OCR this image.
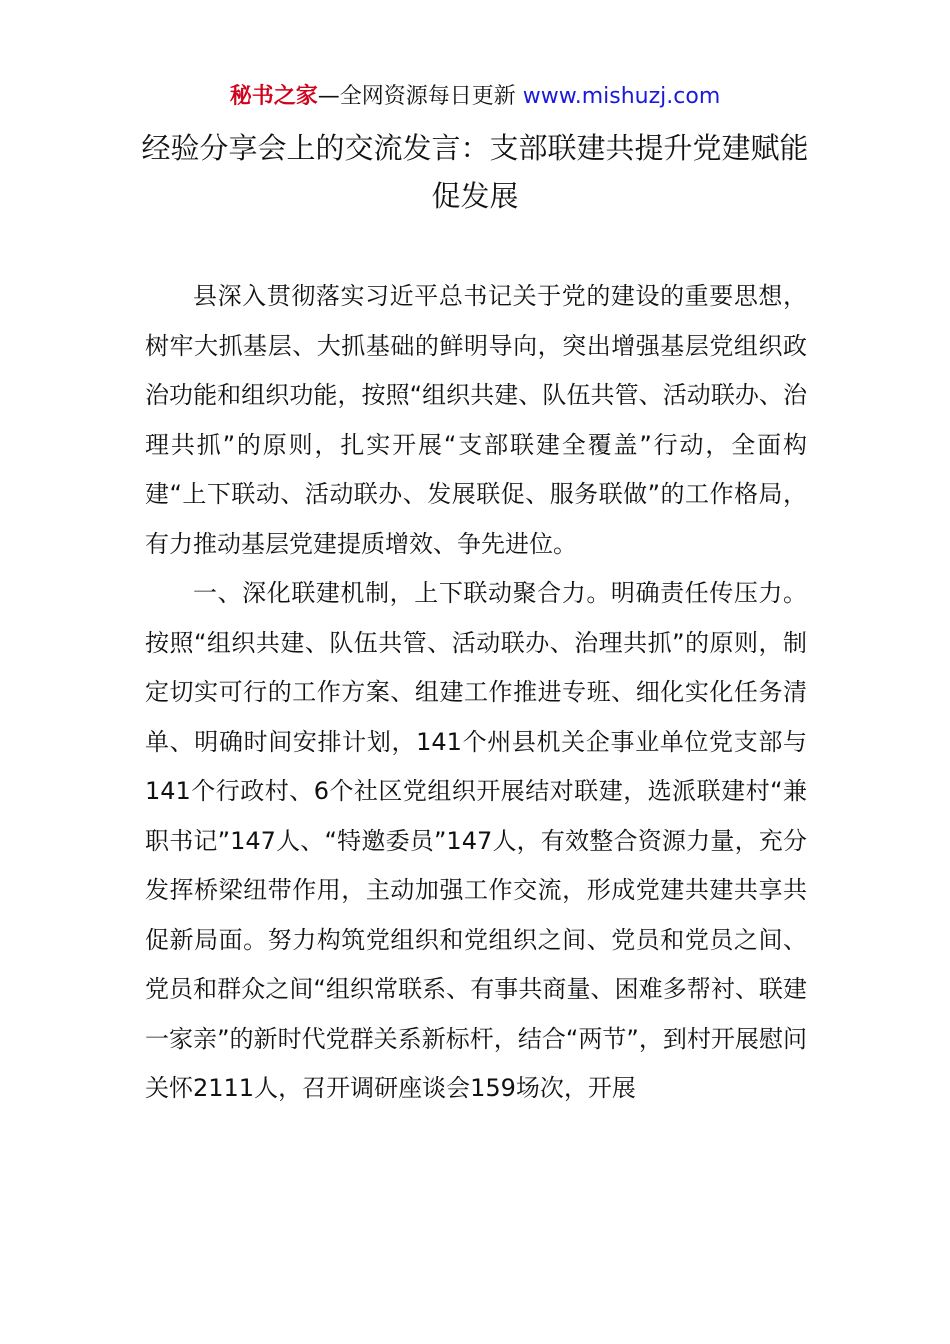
秘书之家—全网资源每日更新 www.mishuzj.com
经验分享会上的交流发言：支部联建共提升党建赋能促发展

县深入贯彻落实习近平总书记关于党的建设的重要思想，树牢大抓基层、大抓基础的鲜明导向，突出增强基层党组织政治功能和组织功能，按照“组织共建、队伍共管、活动联办、治理共抓”的原则，扎实开展“支部联建全覆盖”行动，全面构建“上下联动、活动联办、发展联促、服务联做”的工作格局，有力推动基层党建提质增效、争先进位。

一、深化联建机制，上下联动聚合力。明确责任传压力。按照“组织共建、队伍共管、活动联办、治理共抓”的原则，制定切实可行的工作方案、组建工作推进专班、细化实化任务清单、明确时间安排计划，141个州县机关企事业单位党支部与141个行政村、6个社区党组织开展结对联建，选派联建村“兼职书记”147人、“特邀委员”147人，有效整合资源力量，充分发挥桥梁纽带作用，主动加强工作交流，形成党建共建共享共促新局面。努力构筑党组织和党组织之间、党员和党员之间、党员和群众之间“组织常联系、有事共商量、困难多帮衬、联建一家亲”的新时代党群关系新标杆，结合“两节”，到村开展慰问关怀2111人，召开调研座谈会159场次，开展
